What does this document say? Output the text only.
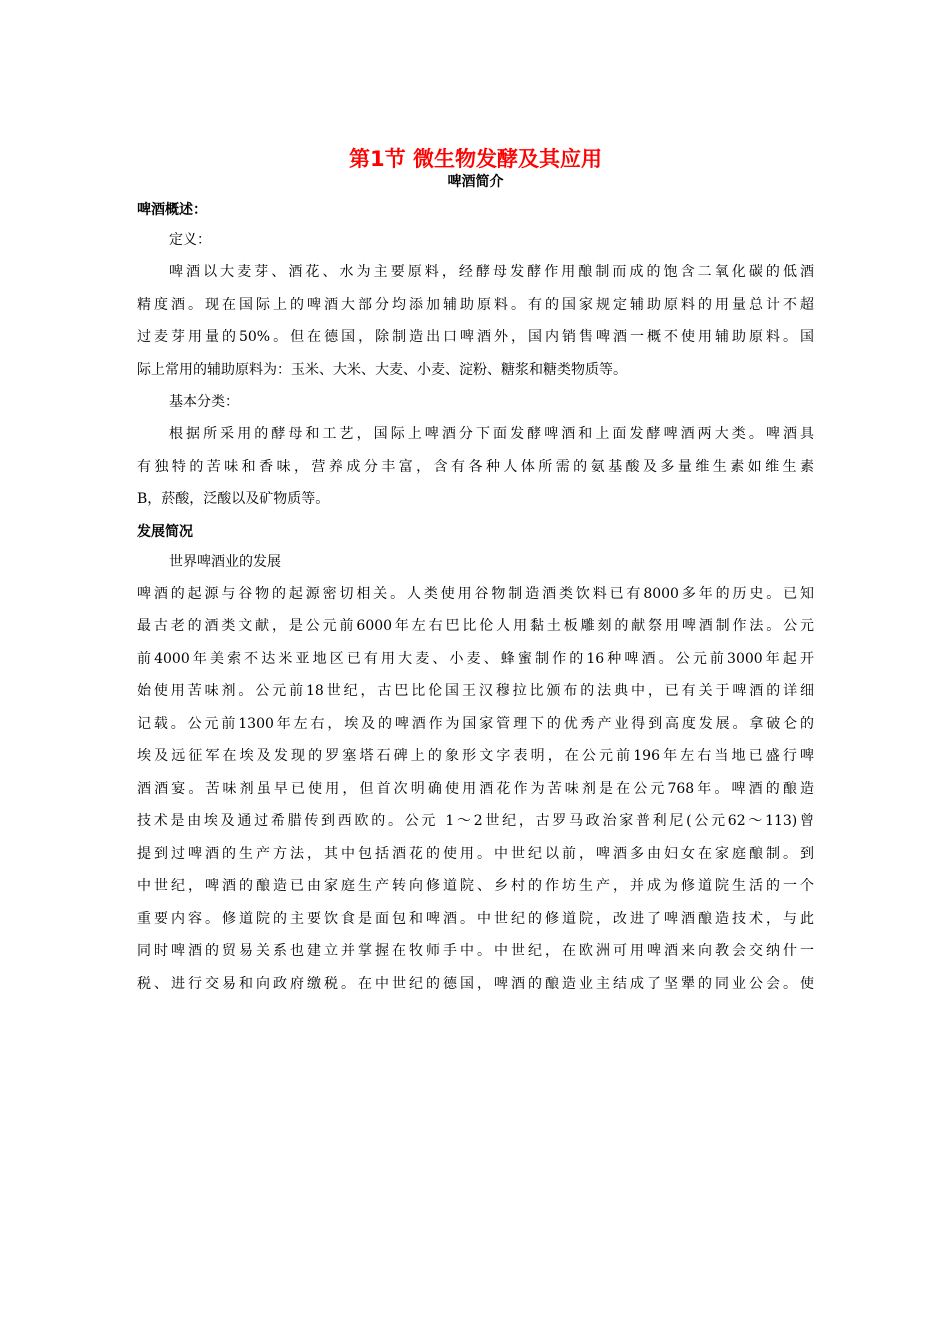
第1节 微生物发酵及其应用
啤酒简介
啤酒概述：
定义：
啤酒以大麦芽、酒花、水为主要原料，经酵母发酵作用酿制而成的饱含二氧化碳的低酒
精度酒。现在国际上的啤酒大部分均添加辅助原料。有的国家规定辅助原料的用量总计不超
过麦芽用量的50%。但在德国，除制造出口啤酒外，国内销售啤酒一概不使用辅助原料。国
际上常用的辅助原料为：玉米、大米、大麦、小麦、淀粉、糖浆和糖类物质等。
基本分类：
根据所采用的酵母和工艺，国际上啤酒分下面发酵啤酒和上面发酵啤酒两大类。啤酒具
有独特的苦味和香味，营养成分丰富，含有各种人体所需的氨基酸及多量维生素如维生素
B，菸酸，泛酸以及矿物质等。
发展简况
世界啤酒业的发展
啤酒的起源与谷物的起源密切相关。人类使用谷物制造酒类饮料已有8000多年的历史。已知
最古老的酒类文献，是公元前6000年左右巴比伦人用黏土板雕刻的献祭用啤酒制作法。公元
前4000年美索不达米亚地区已有用大麦、小麦、蜂蜜制作的16种啤酒。公元前3000年起开
始使用苦味剂。公元前18世纪，古巴比伦国王汉穆拉比颁布的法典中，已有关于啤酒的详细
记载。公元前1300年左右，埃及的啤酒作为国家管理下的优秀产业得到高度发展。拿破仑的
埃及远征军在埃及发现的罗塞塔石碑上的象形文字表明，在公元前196年左右当地已盛行啤
酒酒宴。苦味剂虽早已使用，但首次明确使用酒花作为苦味剂是在公元768年。啤酒的酿造
技术是由埃及通过希腊传到西欧的。公元 1～2世纪，古罗马政治家普利尼(公元62～113)曾
提到过啤酒的生产方法，其中包括酒花的使用。中世纪以前，啤酒多由妇女在家庭酿制。到
中世纪，啤酒的酿造已由家庭生产转向修道院、乡村的作坊生产，并成为修道院生活的一个
重要内容。修道院的主要饮食是面包和啤酒。中世纪的修道院，改进了啤酒酿造技术，与此
同时啤酒的贸易关系也建立并掌握在牧师手中。中世纪，在欧洲可用啤酒来向教会交纳什一
税、进行交易和向政府缴税。在中世纪的德国，啤酒的酿造业主结成了坚犟的同业公会。使
